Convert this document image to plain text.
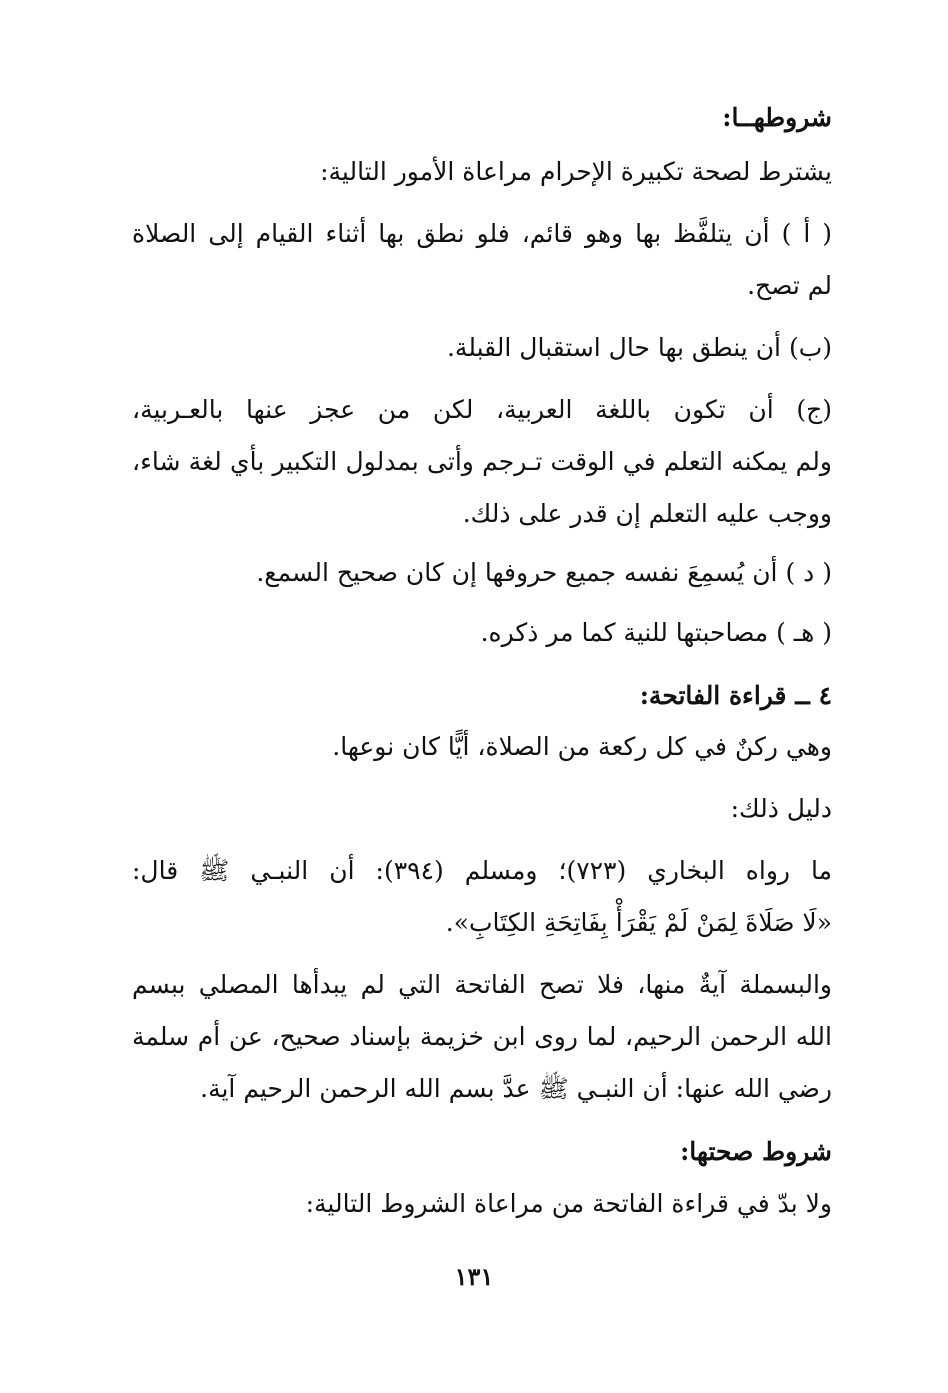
شروطهــا:
يشترط لصحة تكبيرة الإحرام مراعاة الأمور التالية:
( أ ) أن يتلفَّظ بها وهو قائم، فلو نطق بها أثناء القيام إلى الصلاة
لم تصح.
(ب) أن ينطق بها حال استقبال القبلة.
(ج) أن تكون باللغة العربية، لكن من عجز عنها بالعـربية،
ولم يمكنه التعلم في الوقت تـرجم وأتى بمدلول التكبير بأي لغة شاء،
ووجب عليه التعلم إن قدر على ذلك.
( د ) أن يُسمِعَ نفسه جميع حروفها إن كان صحيح السمع.
( هـ ) مصاحبتها للنية كما مر ذكره.
٤ ــ قراءة الفاتحة:
وهي ركنٌ في كل ركعة من الصلاة، أيًّا كان نوعها.
دليل ذلك:
ما رواه البخاري (٧٢٣)؛ ومسلم (٣٩٤): أن النبـي ﷺ قال:
«لَا صَلَاةَ لِمَنْ لَمْ يَقْرَأْ بِفَاتِحَةِ الكِتَابِ».
والبسملة آيةٌ منها، فلا تصح الفاتحة التي لم يبدأها المصلي ببسم
الله الرحمن الرحيم، لما روى ابن خزيمة بإسناد صحيح، عن أم سلمة
رضي الله عنها: أن النبـي ﷺ عدَّ بسم الله الرحمن الرحيم آية.
شروط صحتها:
ولا بدّ في قراءة الفاتحة من مراعاة الشروط التالية:
١٣١
